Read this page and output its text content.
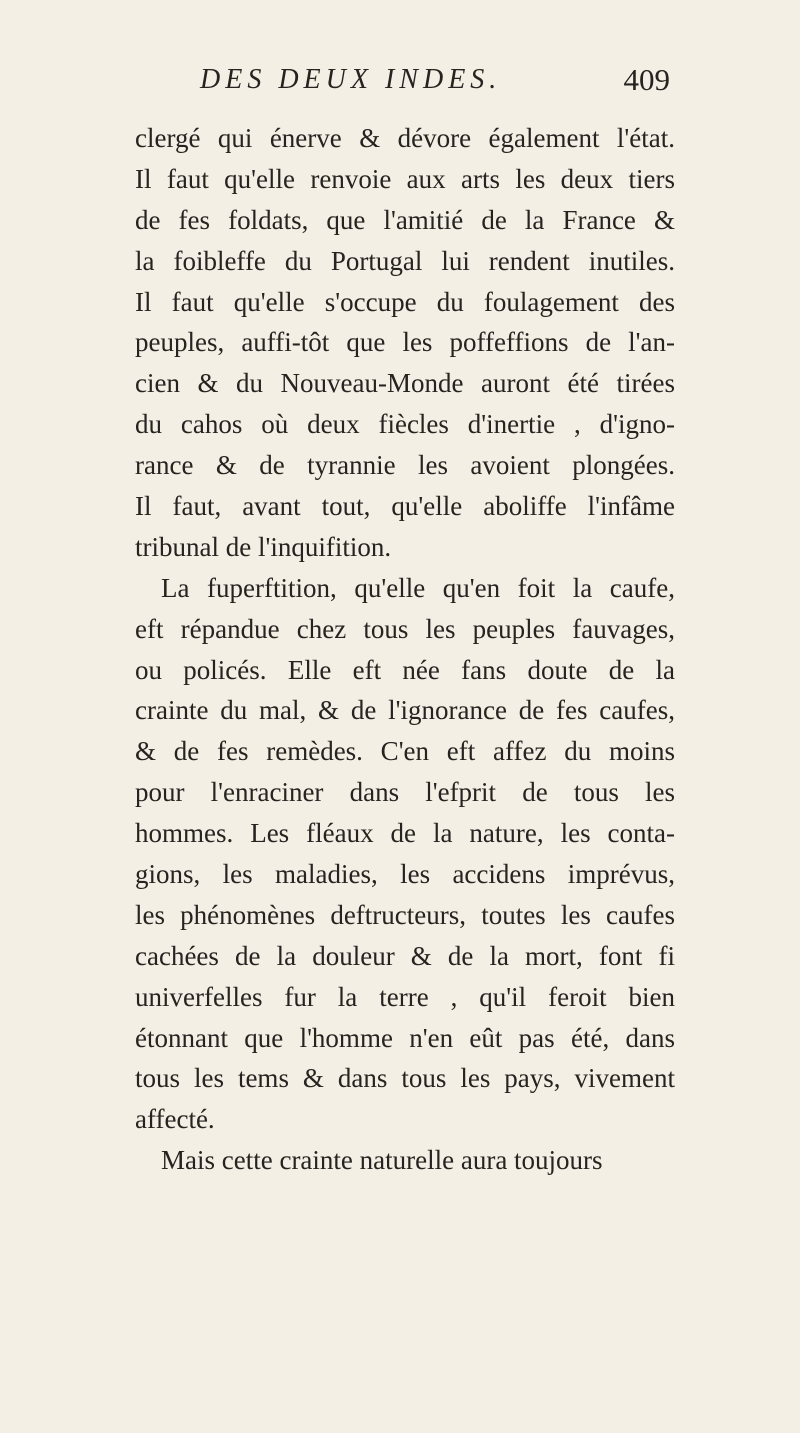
DES DEUX INDES.	409
clergé qui énerve & dévore également l'état.
Il faut qu'elle renvoie aux arts les deux tiers
de fes foldats, que l'amitié de la France &
la foibleffe du Portugal lui rendent inutiles.
Il faut qu'elle s'occupe du foulagement des
peuples, auffi-tôt que les poffeffions de l'an-
cien & du Nouveau-Monde auront été tirées
du cahos où deux fiècles d'inertie , d'igno-
rance & de tyrannie les avoient plongées.
Il faut, avant tout, qu'elle aboliffe l'infâme
tribunal de l'inquifition.
La fuperftition, qu'elle qu'en foit la caufe,
eft répandue chez tous les peuples fauvages,
ou policés. Elle eft née fans doute de la
crainte du mal, & de l'ignorance de fes caufes,
& de fes remèdes. C'en eft affez du moins
pour l'enraciner dans l'efprit de tous les
hommes. Les fléaux de la nature, les conta-
gions, les maladies, les accidens imprévus,
les phénomènes deftructeurs, toutes les caufes
cachées de la douleur & de la mort, font fi
univerfelles fur la terre , qu'il feroit bien
étonnant que l'homme n'en eût pas été, dans
tous les tems & dans tous les pays, vivement
affecté.
Mais cette crainte naturelle aura toujours
